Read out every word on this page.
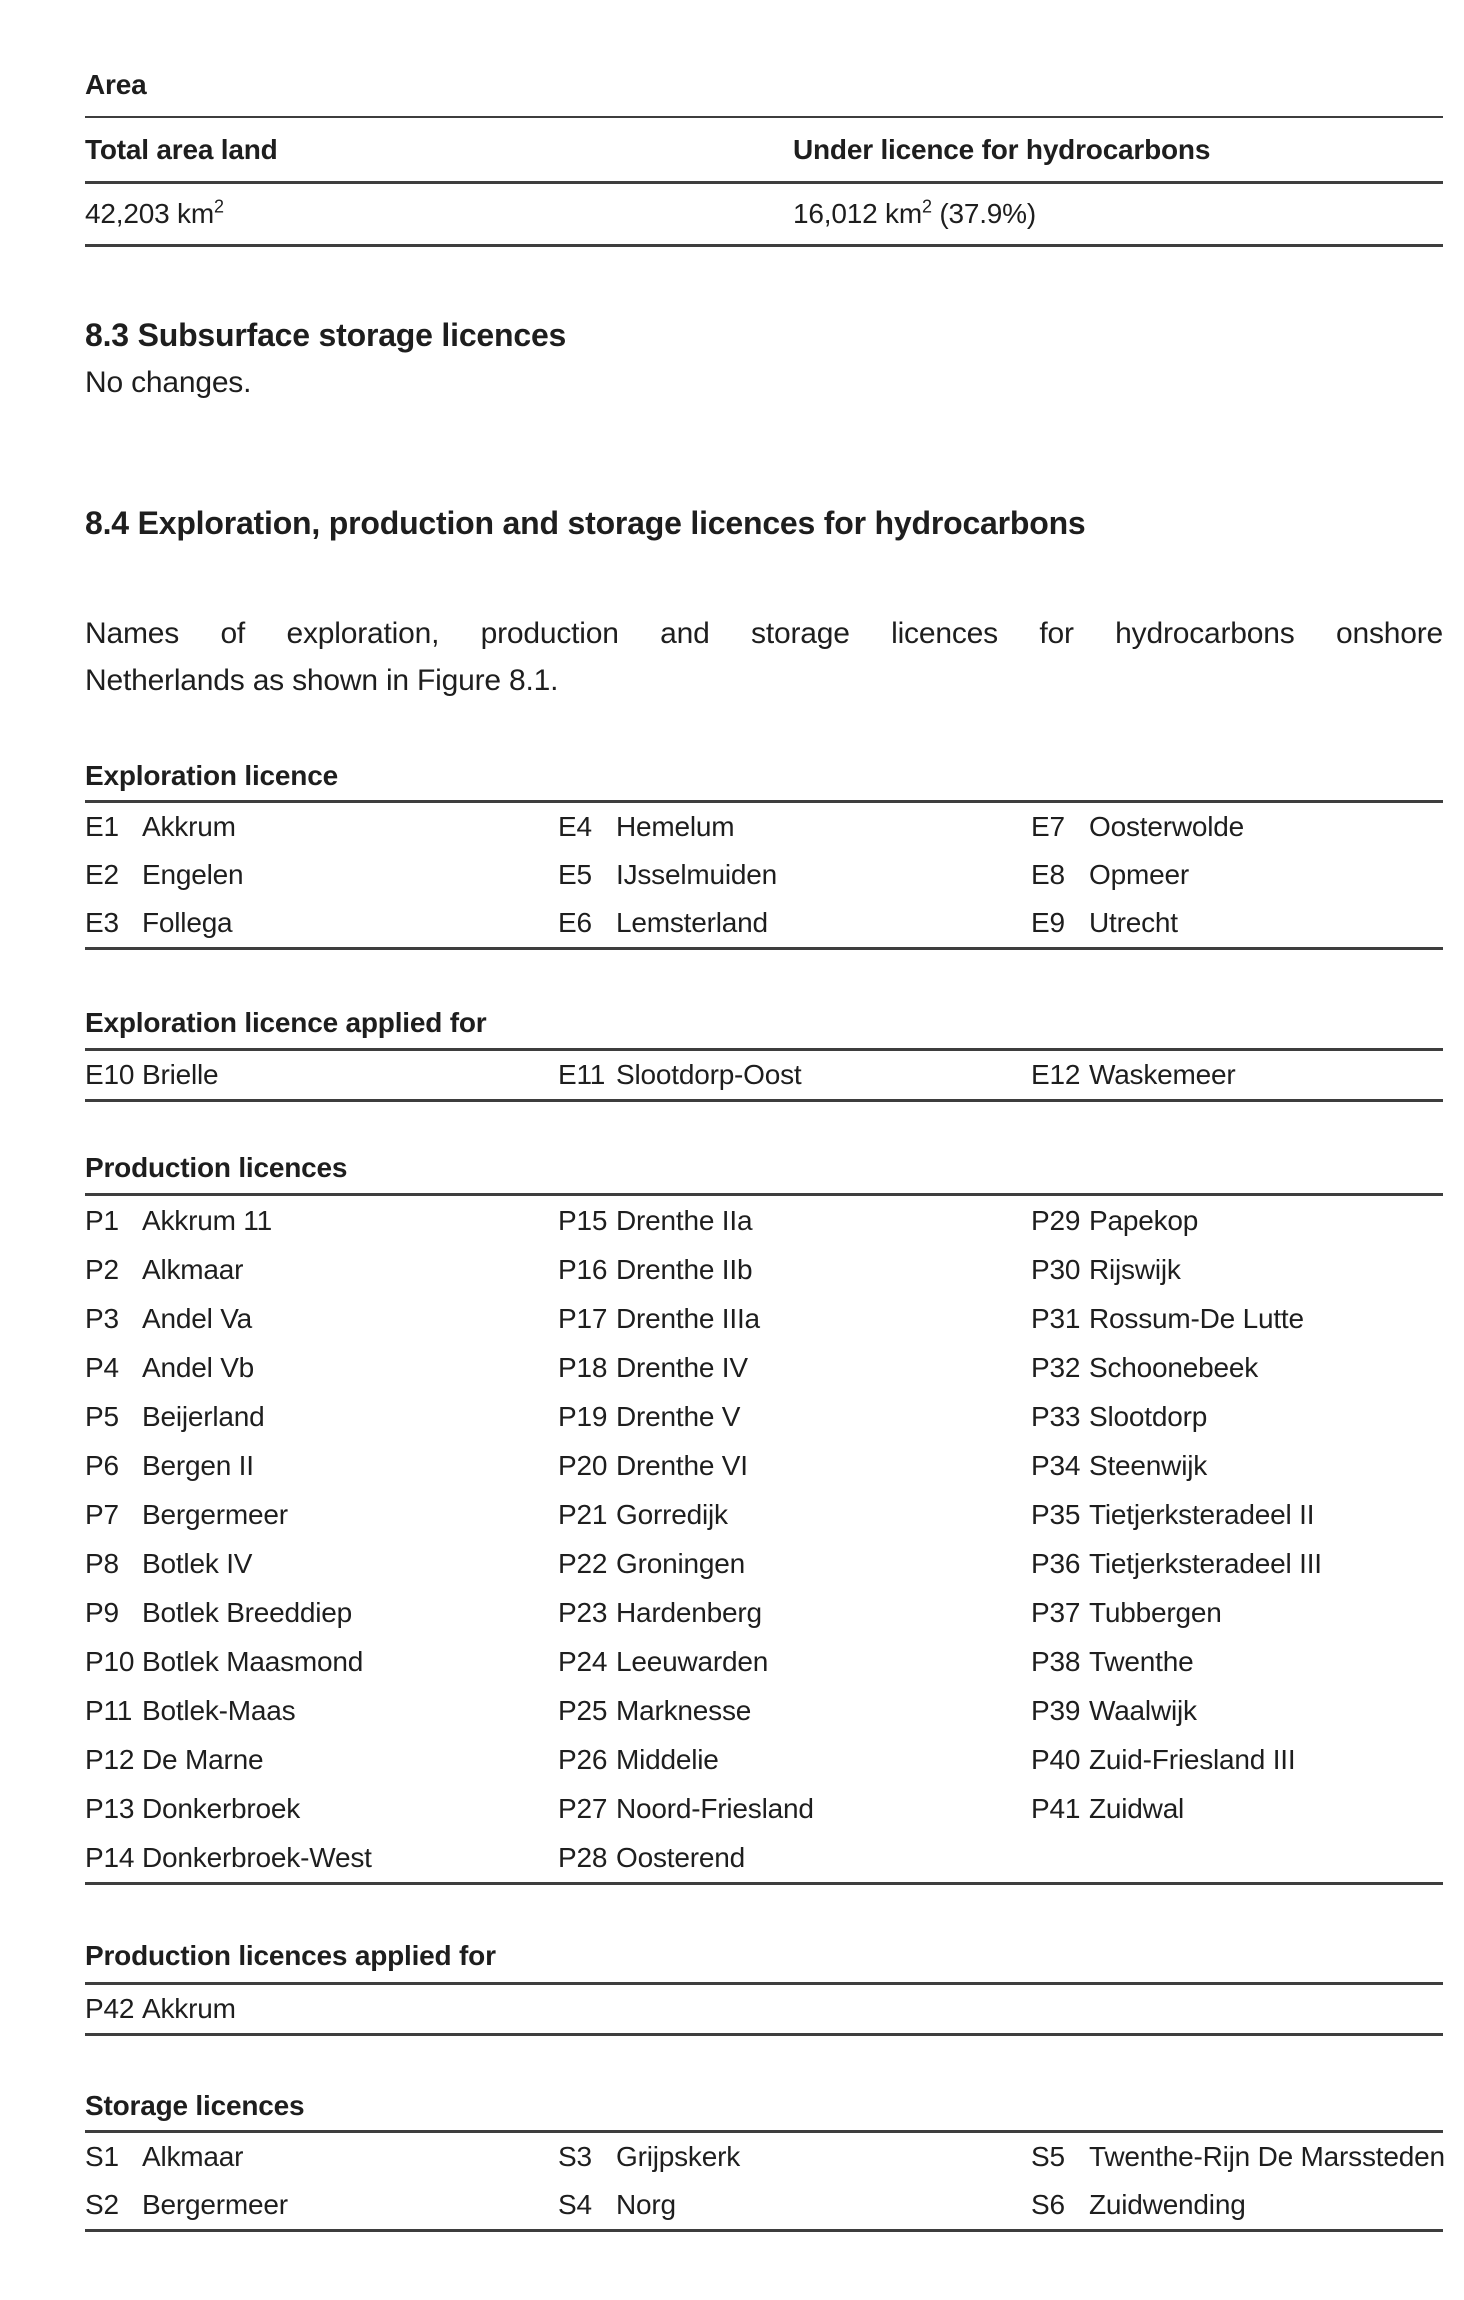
Area
Total area land	Under licence for hydrocarbons
42,203 $km^2$	16,012 $km^2$ (37.9%)
8.3 Subsurface storage licences
No changes.
8.4 Exploration, production and storage licences for hydrocarbons
Names of exploration, production and storage licences for hydrocarbons onshore
Netherlands as shown in Figure 8.1.
Exploration licence
E1 Akkrum	E4 Hemelum	E7 Oosterwolde
E2 Engelen	E5 IJsselmuiden	E8 Opmeer
E3 Follega	E6 Lemsterland	E9 Utrecht
Exploration licence applied for
E10 Brielle	E11 Slootdorp-Oost	E12 Waskemeer
Production licences
P1 Akkrum 11	P15 Drenthe IIa	P29 Papekop
P2 Alkmaar	P16 Drenthe IIb	P30 Rijswijk
P3 Andel Va	P17 Drenthe IIIa	P31 Rossum-De Lutte
P4 Andel Vb	P18 Drenthe IV	P32 Schoonebeek
P5 Beijerland	P19 Drenthe V	P33 Slootdorp
P6 Bergen II	P20 Drenthe VI	P34 Steenwijk
P7 Bergermeer	P21 Gorredijk	P35 Tietjerksteradeel II
P8 Botlek IV	P22 Groningen	P36 Tietjerksteradeel III
P9 Botlek Breeddiep	P23 Hardenberg	P37 Tubbergen
P10 Botlek Maasmond	P24 Leeuwarden	P38 Twenthe
P11 Botlek-Maas	P25 Marknesse	P39 Waalwijk
P12 De Marne	P26 Middelie	P40 Zuid-Friesland III
P13 Donkerbroek	P27 Noord-Friesland	P41 Zuidwal
P14 Donkerbroek-West	P28 Oosterend
Production licences applied for
P42 Akkrum
Storage licences
S1 Alkmaar	S3 Grijpskerk	S5 Twenthe-Rijn De Marssteden
S2 Bergermeer	S4 Norg	S6 Zuidwending
